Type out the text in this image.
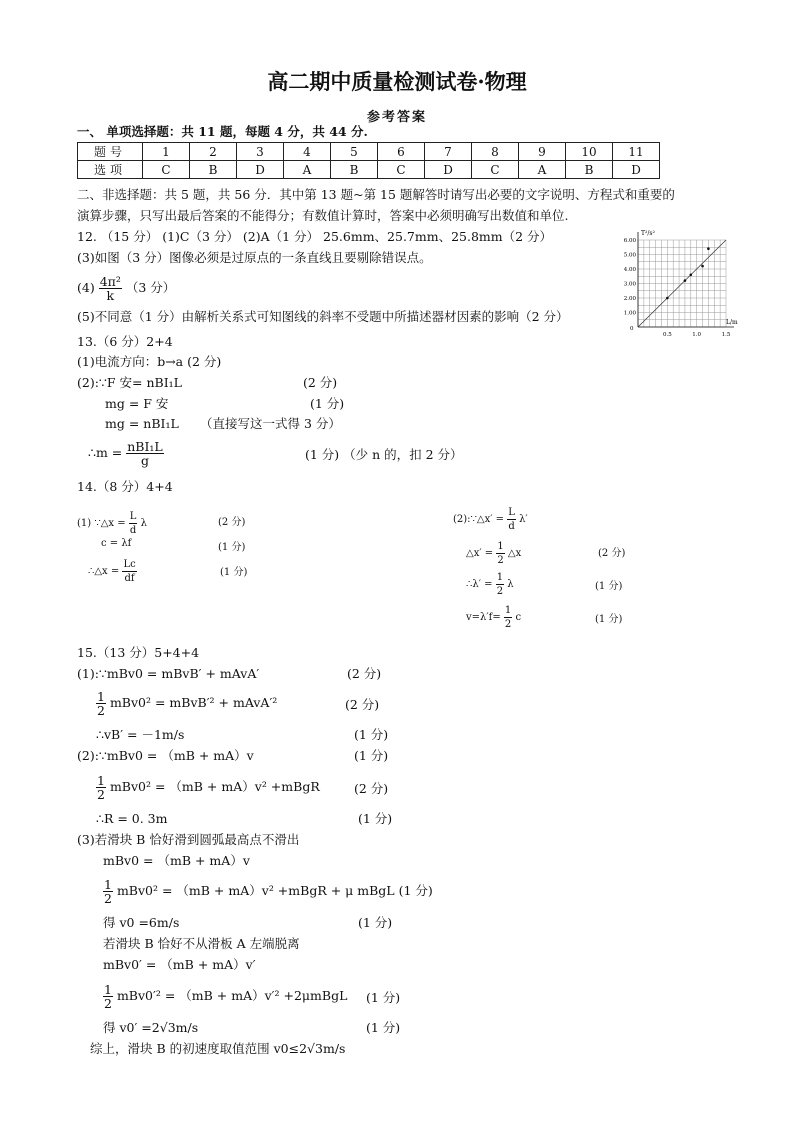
高二期中质量检测试卷·物理
参考答案
一、 单项选择题：共 11 题，每题 4 分，共 44 分.
题号	1	2	3	4	5	6	7	8	9	10	11
选项	C	B	D	A	B	C	D	C	A	B	D
二、非选择题：共 5 题，共 56 分．其中第 13 题~第 15 题解答时请写出必要的文字说明、方程式和重要的
演算步骤，只写出最后答案的不能得分；有数值计算时，答案中必须明确写出数值和单位.
12. （15 分） (1)C（3 分） (2)A（1 分） 25.6mm、25.7mm、25.8mm（2 分）
(3)如图（3 分）图像必须是过原点的一条直线且要剔除错误点。
$(4) \frac{\text{4π²}}{k} (3$ 分）
(5)不同意（1 分）由解析关系式可知图线的斜率不受题中所描述器材因素的影响（2 分）
T²/s²
L/m
0
1.00
2.00
3.00
4.00
5.00
6.00
0.5	1.0	1.5
13.（6 分）2+4
(1)电流方向：b→a (2 分)
(2):∵F 安= nBI₁L	(2 分)
mg = F 安	(1 分)
mg = nBI₁L （直接写这一式得 3 分）
∴m = $\frac{\text{nBI₁L}}{g}$	(1 分) （少 n 的，扣 2 分）
14.（8 分）4+4
(1) ∵△x = $\frac{L}{d}$ λ	(2 分)
c = λf	(1 分)
∴△x = $\frac{Lc}{df}$	(1 分)
(2):∵△x′ = $\frac{L}{d} \lambda'$
△x′ = $\frac{1}{2}$ △x	(2 分)
∴λ′ = $\frac{1}{2}$ λ	(1 分)
$v=\lambda'f= \frac{1}{2}$ c	(1 分)
15.（13 分）5+4+4
(1):∵mBv0 = mBvB′ + mAvA′	(2 分)
$\frac{1}{2} mBv0^2$ = mBvB′² + mAvA′²	(2 分)
∴vB′ = －1m/s	(1 分)
(2):∵mBv0 = （mB + mA）v	(1 分)
$\frac{1}{2} mBv0^2 = (mB + mA)v^2$ +mBgR	(2 分)
∴R = 0. 3m	(1 分)
(3)若滑块 B 恰好滑到圆弧最高点不滑出
mBv0 = （mB + mA）v
$\frac{1}{2} mBv0^2 = (mB + mA)v^2$ +mBgR + μ mBgL (1 分)
得 v0 =6m/s	(1 分)
若滑块 B 恰好不从滑板 A 左端脱离
mBv0′ = （mB + mA）v′
$\frac{1}{2} mBv0'^2 = (mB + mA)v'^2$ +2μmBgL (1 分)
得 v0′ =2√3m/s	(1 分)
综上，滑块 B 的初速度取值范围 v0≤2√3m/s
